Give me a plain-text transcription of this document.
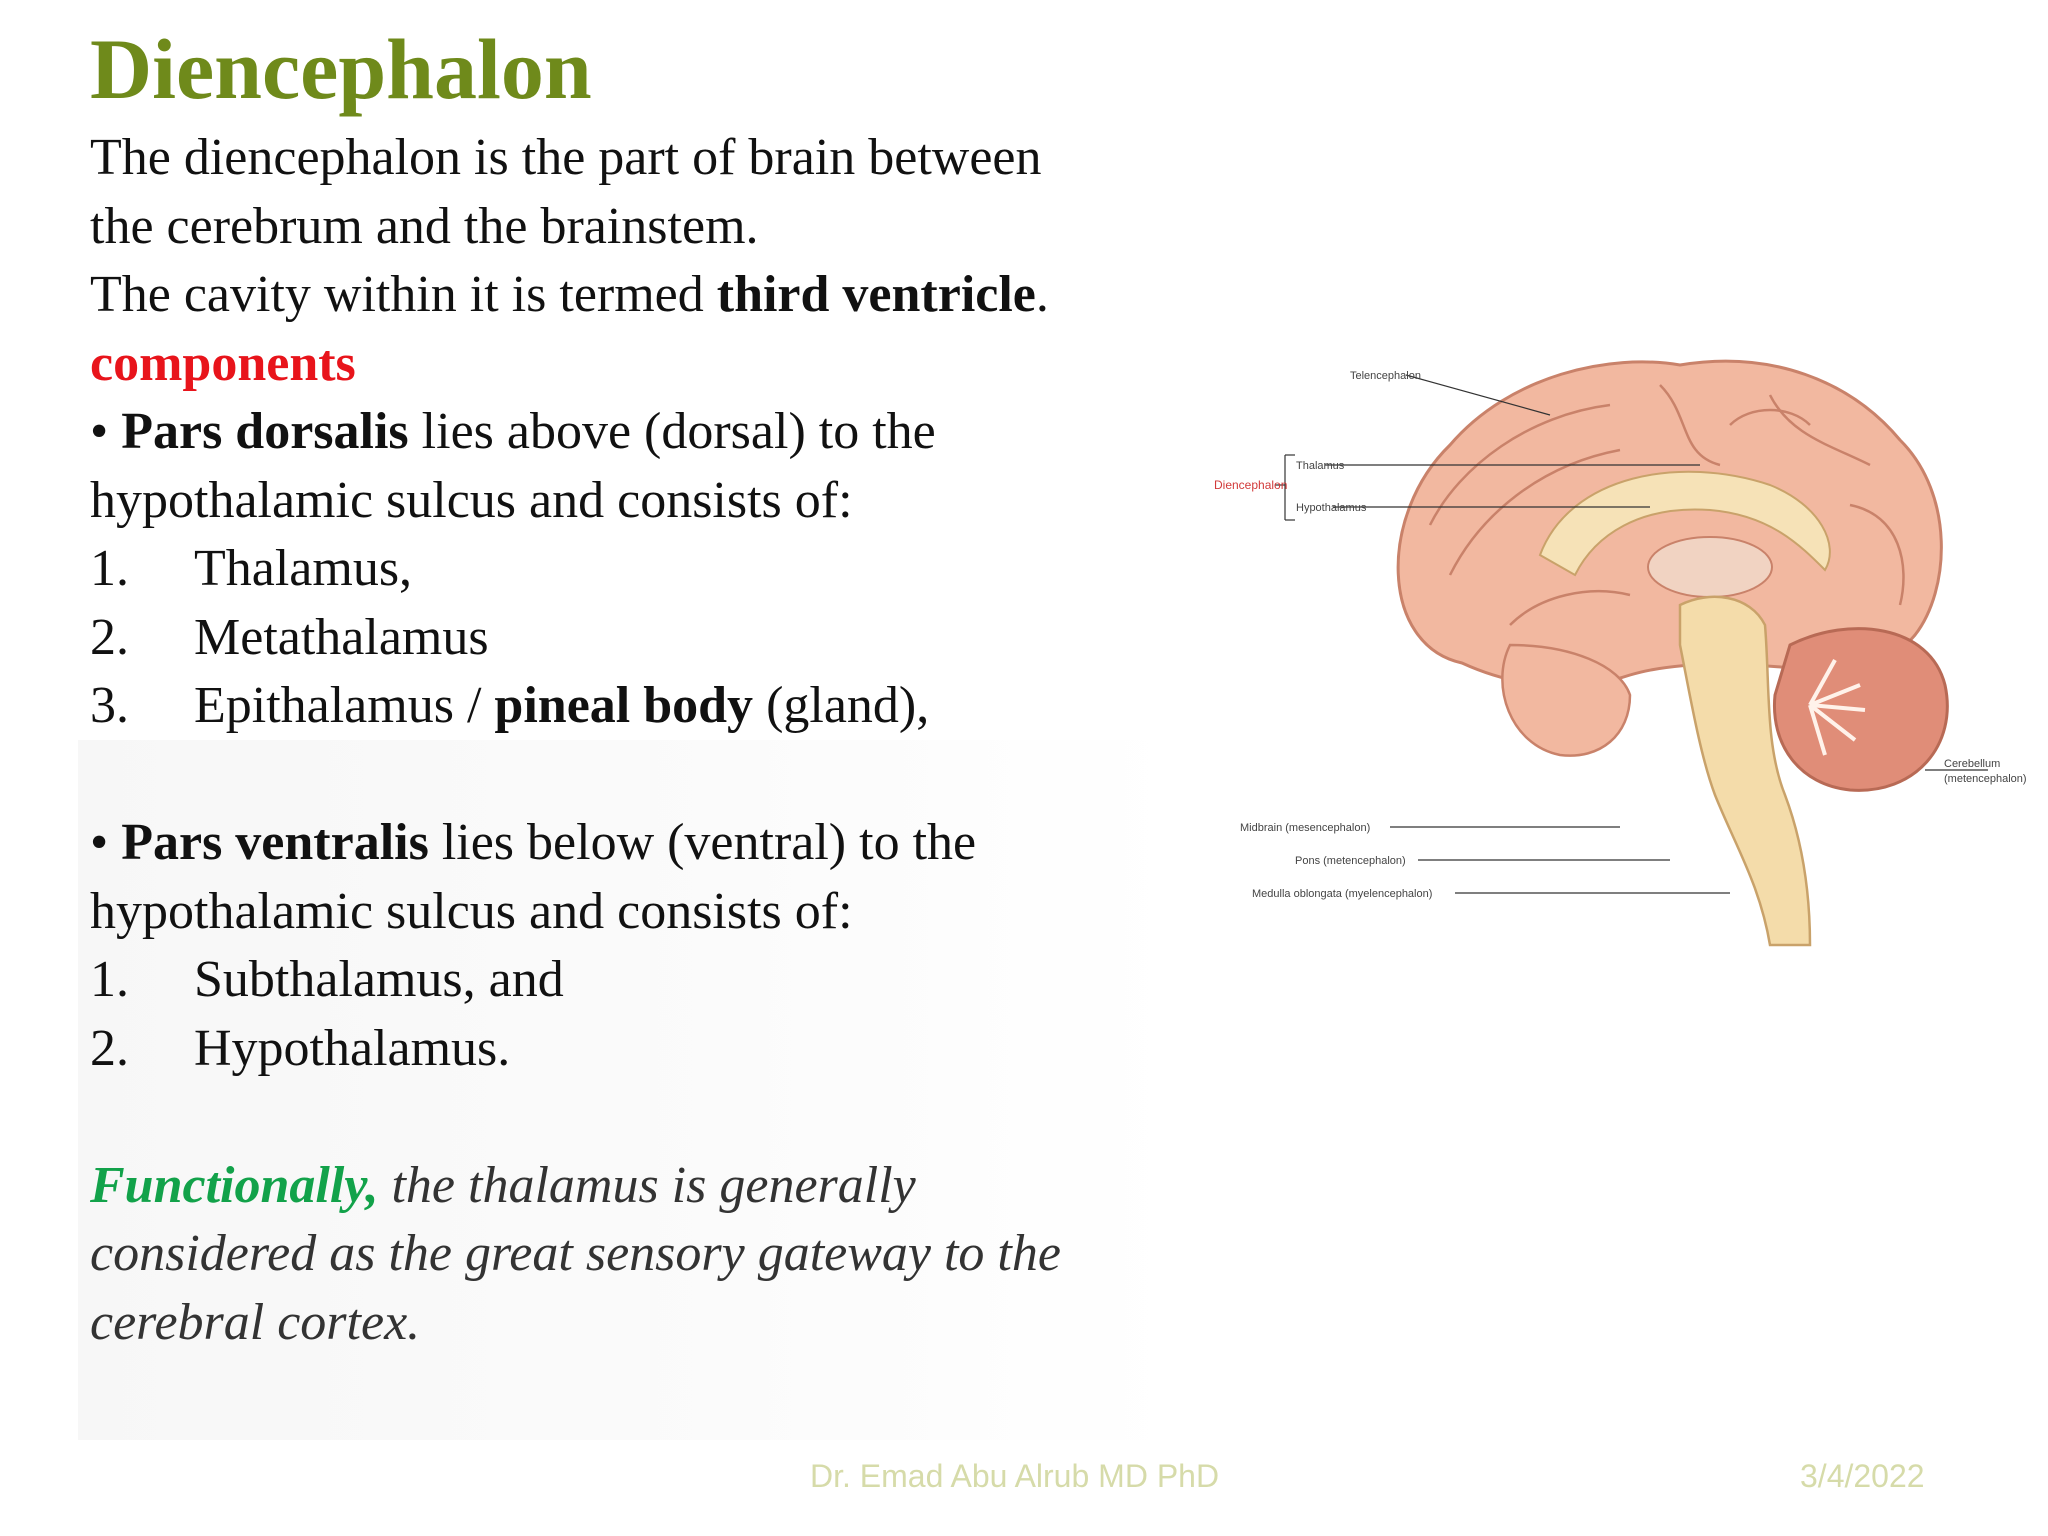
Diencephalon
The diencephalon is the part of brain between
the cerebrum and the brainstem.
The cavity within it is termed third ventricle.
components
• Pars dorsalis lies above (dorsal) to the
hypothalamic sulcus and consists of:
1. Thalamus,
2. Metathalamus
3. Epithalamus / pineal body (gland),
• Pars ventralis lies below (ventral) to the
hypothalamic sulcus and consists of:
1. Subthalamus, and
2. Hypothalamus.
Functionally, the thalamus is generally
considered as the great sensory gateway to the
cerebral cortex.
Telencephalon
Thalamus
Diencephalon
Hypothalamus
Cerebellum
(metencephalon)
Midbrain (mesencephalon)
Pons (metencephalon)
Medulla oblongata (myelencephalon)
Dr. Emad Abu Alrub MD PhD	3/4/2022
